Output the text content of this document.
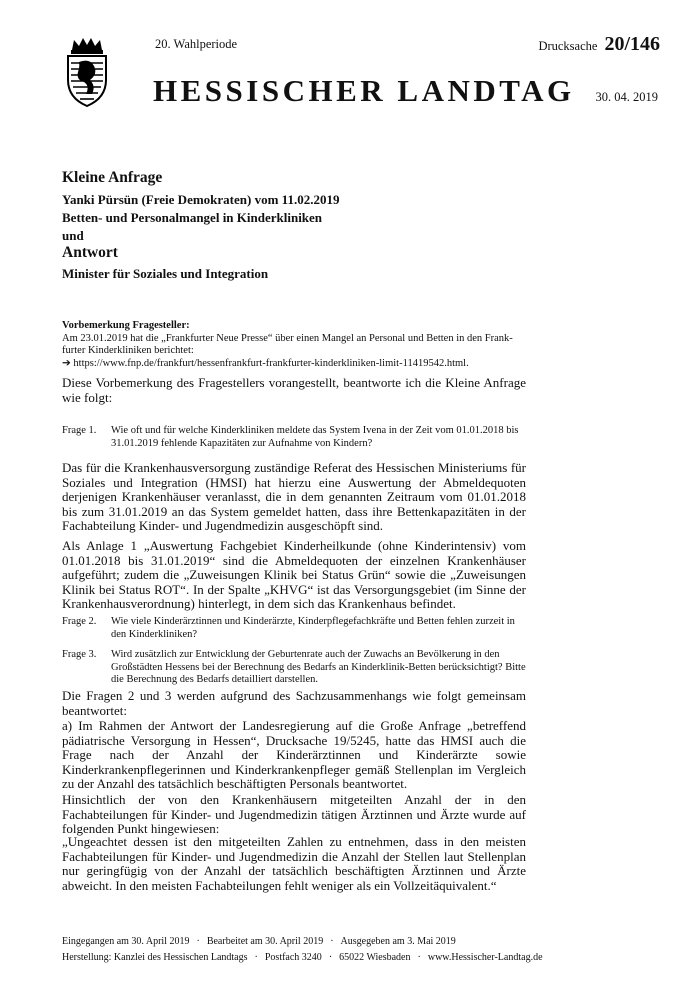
20. Wahlperiode	Drucksache 20/146
HESSISCHER LANDTAG 30. 04. 2019
Kleine Anfrage
Yanki Pürsün (Freie Demokraten) vom 11.02.2019
Betten- und Personalmangel in Kinderkliniken
und
Antwort
Minister für Soziales und Integration
Vorbemerkung Fragesteller:
Am 23.01.2019 hat die „Frankfurter Neue Presse“ über einen Mangel an Personal und Betten in den Frank-
furter Kinderkliniken berichtet:
➔ https://www.fnp.de/frankfurt/hessenfrankfurt-frankfurter-kinderkliniken-limit-11419542.html.
Diese Vorbemerkung des Fragestellers vorangestellt, beantworte ich die Kleine Anfrage wie folgt:
Frage 1. Wie oft und für welche Kinderkliniken meldete das System Ivena in der Zeit vom 01.01.2018 bis 31.01.2019 fehlende Kapazitäten zur Aufnahme von Kindern?
Das für die Krankenhausversorgung zuständige Referat des Hessischen Ministeriums für Soziales und Integration (HMSI) hat hierzu eine Auswertung der Abmeldequoten derjenigen Krankenhäuser veranlasst, die in dem genannten Zeitraum vom 01.01.2018 bis zum 31.01.2019 an das System gemeldet hatten, dass ihre Bettenkapazitäten in der Fachabteilung Kinder- und Jugendmedizin ausgeschöpft sind.
Als Anlage 1 „Auswertung Fachgebiet Kinderheilkunde (ohne Kinderintensiv) vom 01.01.2018 bis 31.01.2019“ sind die Abmeldequoten der einzelnen Krankenhäuser aufgeführt; zudem die „Zuweisungen Klinik bei Status Grün“ sowie die „Zuweisungen Klinik bei Status ROT“. In der Spalte „KHVG“ ist das Versorgungsgebiet (im Sinne der Krankenhausverordnung) hinterlegt, in dem sich das Krankenhaus befindet.
Frage 2. Wie viele Kinderärztinnen und Kinderärzte, Kinderpflegefachkräfte und Betten fehlen zurzeit in den Kinderkliniken?
Frage 3. Wird zusätzlich zur Entwicklung der Geburtenrate auch der Zuwachs an Bevölkerung in den Großstädten Hessens bei der Berechnung des Bedarfs an Kinderklinik-Betten berücksichtigt? Bitte die Berechnung des Bedarfs detailliert darstellen.
Die Fragen 2 und 3 werden aufgrund des Sachzusammenhangs wie folgt gemeinsam beantwortet:
a) Im Rahmen der Antwort der Landesregierung auf die Große Anfrage „betreffend pädiatrische Versorgung in Hessen“, Drucksache 19/5245, hatte das HMSI auch die Frage nach der Anzahl der Kinderärztinnen und Kinderärzte sowie Kinderkrankenpflegerinnen und Kinderkrankenpfleger gemäß Stellenplan im Vergleich zu der Anzahl des tatsächlich beschäftigten Personals beantwortet.
Hinsichtlich der von den Krankenhäusern mitgeteilten Anzahl der in den Fachabteilungen für Kinder- und Jugendmedizin tätigen Ärztinnen und Ärzte wurde auf folgenden Punkt hingewiesen:
„Ungeachtet dessen ist den mitgeteilten Zahlen zu entnehmen, dass in den meisten Fachabteilungen für Kinder- und Jugendmedizin die Anzahl der Stellen laut Stellenplan nur geringfügig von der Anzahl der tatsächlich beschäftigten Ärztinnen und Ärzte abweicht. In den meisten Fachabteilungen fehlt weniger als ein Vollzeitäquivalent.“
Eingegangen am 30. April 2019 · Bearbeitet am 30. April 2019 · Ausgegeben am 3. Mai 2019
Herstellung: Kanzlei des Hessischen Landtags · Postfach 3240 · 65022 Wiesbaden · www.Hessischer-Landtag.de
